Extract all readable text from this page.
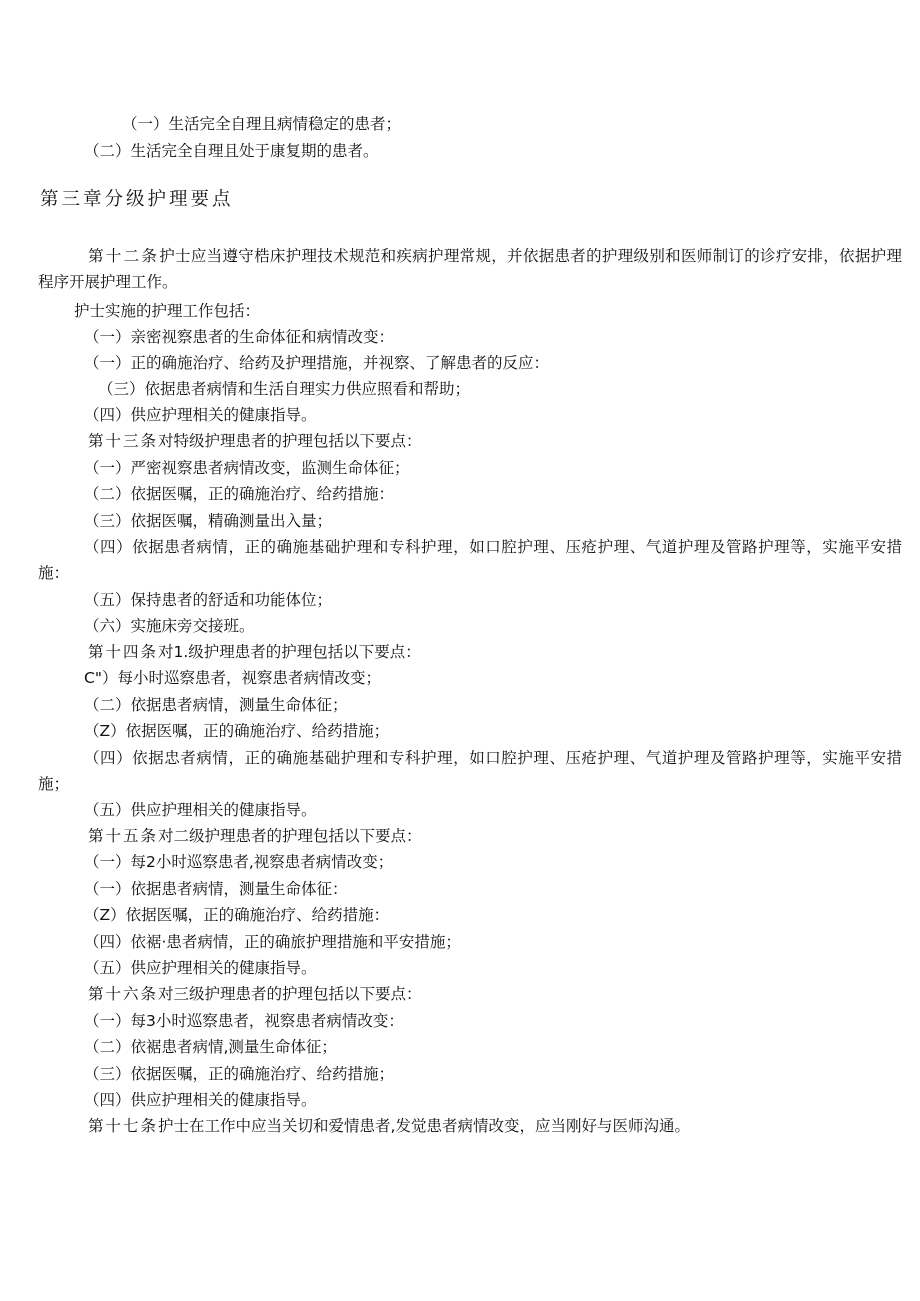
（一）生活完全自理且病情稳定的患者；
（二）生活完全自理且处于康复期的患者。
第三章分级护理要点
第十二条护士应当遵守梏床护理技术规范和疾病护理常规，并依据患者的护理级别和医师制订的诊疗安排，依据护理程序开展护理工作。
护士实施的护理工作包括：
（一）亲密视察患者的生命体征和病情改变：
（一）正的确施治疗、给药及护理措施，并视察、了解患者的反应：
（三）依据患者病情和生活自理实力供应照看和帮助；
（四）供应护理相关的健康指导。
第十三条对特级护理患者的护理包括以下要点：
（一）严密视察患者病情改变，监测生命体征；
（二）依据医嘱，正的确施治疗、给药措施：
（三）依据医嘱，精确测量出入量；
（四）依据患者病情，正的确施基础护理和专科护理，如口腔护理、压疮护理、气道护理及管路护理等，实施平安措施：
（五）保持患者的舒适和功能体位；
（六）实施床旁交接班。
第十四条对1.级护理患者的护理包括以下要点：
C"）每小时巡察患者，视察患者病情改变；
（二）依据患者病情，测量生命体征；
（Z）依据医嘱，正的确施治疗、给药措施；
（四）依据忠者病情，正的确施基础护理和专科护理，如口腔护理、压疮护理、气道护理及管路护理等，实施平安措施；
（五）供应护理相关的健康指导。
第十五条对二级护理患者的护理包括以下要点：
（一）每2小时巡察患者,视察患者病情改变；
（一）依据患者病情，测量生命体征：
（Z）依据医嘱，正的确施治疗、给药措施：
（四）依裾·患者病情，正的确旅护理措施和平安措施；
（五）供应护理相关的健康指导。
第十六条对三级护理患者的护理包括以下要点：
（一）每3小时巡察患者，视察患者病情改变：
（二）依裾患者病情,测量生命体征；
（三）依据医嘱，正的确施治疗、给药措施；
（四）供应护理相关的健康指导。
第十七条护士在工作中应当关切和爱情患者,发觉患者病情改变，应当刚好与医师沟通。
